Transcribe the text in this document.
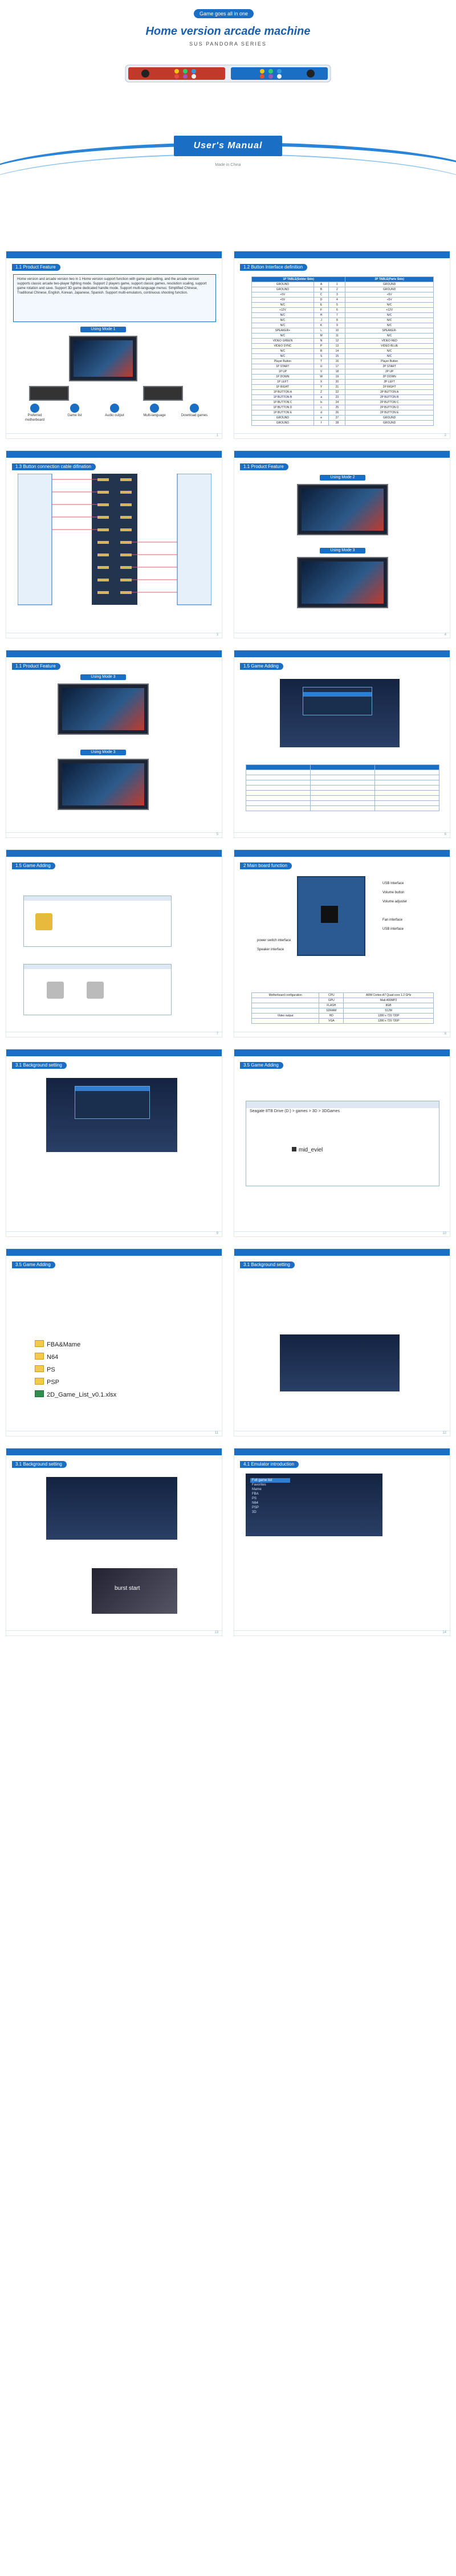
Game goes all in one
Home version arcade machine
SUS PANDORA SERIES
User's Manual
Made in China
1.1 Product Feature
Home version and arcade version two in 1 Home version support function with game pad setting, and the arcade version supports classic arcade two-player fighting mode. Support 2 players game, support classic games, resolution scaling, support game rotation and save. Support 3D game dedicated handle mode. Support multi-language menus: Simplified Chinese, Traditional Chinese, English, Korean, Japanese, Spanish. Support multi-emulators, continuous shooting function.
Using Mode 1
Preferred motherboard
Game list	Audio output	Multi-language	Download games
1
1.2 Button Interface definition
1P TABLE(Solder Side)			2P TABLE(Parts Side)
GROUND	A	1	GROUND
GROUND	B	2	GROUND
+5V	C	3	+5V
+5V	D	4	+5V
N/C	E	5	N/C
+12V	F	6	+12V
N/C	H	7	N/C
N/C	J	8	N/C
N/C	K	9	N/C
SPEAKER+	L	10	SPEAKER-
N/C	M	11	N/C
VIDEO GREEN	N	12	VIDEO RED
VIDEO SYNC	P	13	VIDEO BLUE
N/C	R	14	N/C
N/C	S	15	N/C
Player Button	T	16	Player Button
1P START	U	17	2P START
1P UP	V	18	2P UP
1P DOWN	W	19	2P DOWN
1P LEFT	X	20	2P LEFT
1P RIGHT	Y	21	2P RIGHT
1P BUTTON A	Z	22	2P BUTTON A
1P BUTTON B	a	23	2P BUTTON B
1P BUTTON C	b	24	2P BUTTON C
1P BUTTON D	c	25	2P BUTTON D
1P BUTTON E	d	26	2P BUTTON E
GROUND	e	27	GROUND
GROUND	f	28	GROUND
2
1.3 Button connection cable difination
3
1.1 Product Feature
Using Mode 2
Using Mode 3
4
1.1 Product Feature
Using Mode 3
Using Mode 3
5
1.5 Game Adding

6
1.5 Game Adding
7
2 Main board function
USB Interface
Volume button
Volume adjuster
Fan interface
USB interface
power switch interface
Speaker interface
Motherboard configuration	CPU	ARM Cortex-A7 Quad core 1.2 GHz
	GPU	Mali-400MP2
	FLASH	8GB
	SDRAM	512M
Video output	HD	1280 x 720 720P
	VGA	1280 x 720 720P
8
3.1 Background setting

9
3.5 Game Adding
Seagate 8TB Drive (D:) > games > 3D > 3DGames
mid_eviel
10
3.5 Game Adding
FBA&Mame
N64
PS
PSP
2D_Game_List_v0.1.xlsx
11
3.1 Background setting
12
3.1 Background setting
burst start
13
4.1 Emulator introduction
Full game list
Favorites
Mame
FBA
PS
N64
PSP
3D
14
